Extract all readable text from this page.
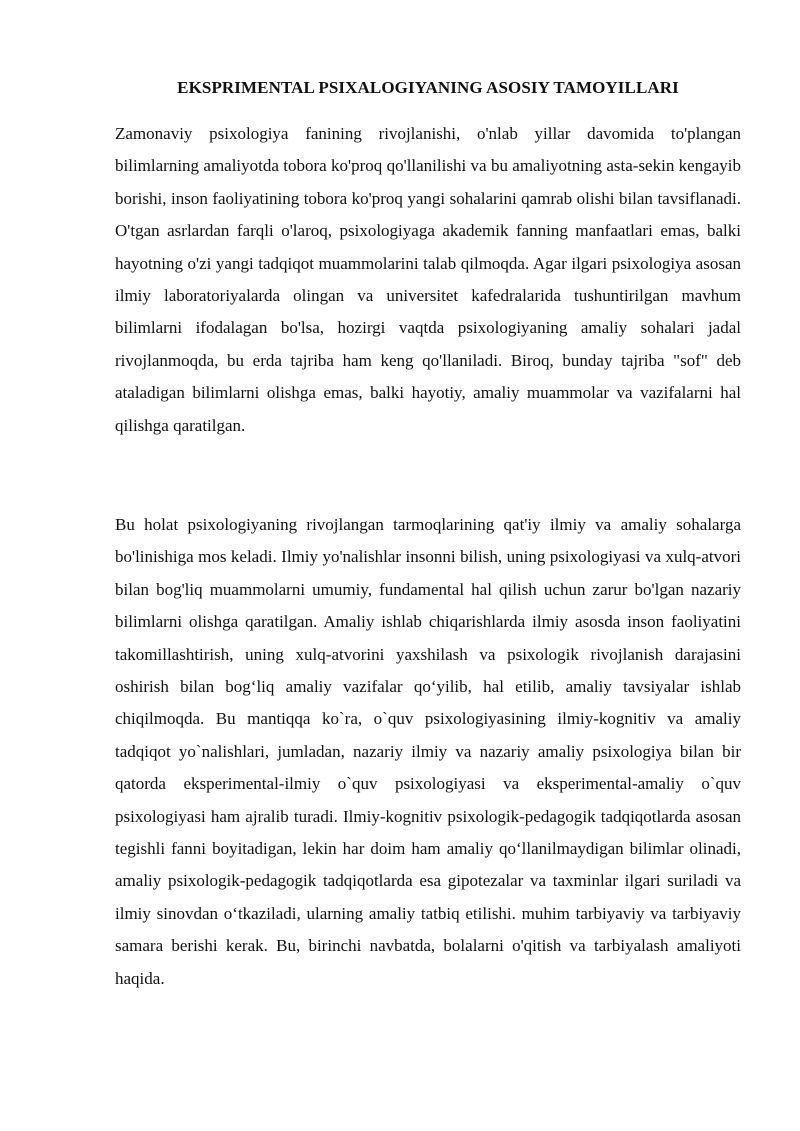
EKSPRIMENTAL PSIXALOGIYANING ASOSIY TAMOYILLARI

Zamonaviy psixologiya fanining rivojlanishi, o'nlab yillar davomida to'plangan bilimlarning amaliyotda tobora ko'proq qo'llanilishi va bu amaliyotning asta-sekin kengayib borishi, inson faoliyatining tobora ko'proq yangi sohalarini qamrab olishi bilan tavsiflanadi. O'tgan asrlardan farqli o'laroq, psixologiyaga akademik fanning manfaatlari emas, balki hayotning o'zi yangi tadqiqot muammolarini talab qilmoqda. Agar ilgari psixologiya asosan ilmiy laboratoriyalarda olingan va universitet kafedralarida tushuntirilgan mavhum bilimlarni ifodalagan bo'lsa, hozirgi vaqtda psixologiyaning amaliy sohalari jadal rivojlanmoqda, bu erda tajriba ham keng qo'llaniladi. Biroq, bunday tajriba "sof" deb ataladigan bilimlarni olishga emas, balki hayotiy, amaliy muammolar va vazifalarni hal qilishga qaratilgan.

Bu holat psixologiyaning rivojlangan tarmoqlarining qat'iy ilmiy va amaliy sohalarga bo'linishiga mos keladi. Ilmiy yo'nalishlar insonni bilish, uning psixologiyasi va xulq-atvori bilan bog'liq muammolarni umumiy, fundamental hal qilish uchun zarur bo'lgan nazariy bilimlarni olishga qaratilgan. Amaliy ishlab chiqarishlarda ilmiy asosda inson faoliyatini takomillashtirish, uning xulq-atvorini yaxshilash va psixologik rivojlanish darajasini oshirish bilan bog‘liq amaliy vazifalar qo‘yilib, hal etilib, amaliy tavsiyalar ishlab chiqilmoqda. Bu mantiqqa ko`ra, o`quv psixologiyasining ilmiy-kognitiv va amaliy tadqiqot yo`nalishlari, jumladan, nazariy ilmiy va nazariy amaliy psixologiya bilan bir qatorda eksperimental-ilmiy o`quv psixologiyasi va eksperimental-amaliy o`quv psixologiyasi ham ajralib turadi. Ilmiy-kognitiv psixologik-pedagogik tadqiqotlarda asosan tegishli fanni boyitadigan, lekin har doim ham amaliy qo‘llanilmaydigan bilimlar olinadi, amaliy psixologik-pedagogik tadqiqotlarda esa gipotezalar va taxminlar ilgari suriladi va ilmiy sinovdan o‘tkaziladi, ularning amaliy tatbiq etilishi. muhim tarbiyaviy va tarbiyaviy samara berishi kerak. Bu, birinchi navbatda, bolalarni o'qitish va tarbiyalash amaliyoti haqida.
